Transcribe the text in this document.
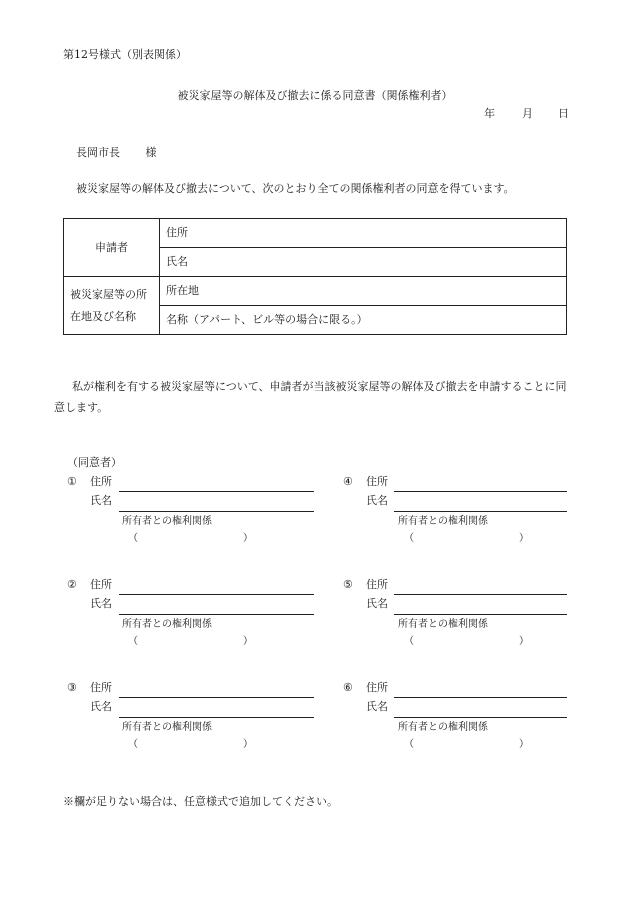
第12号様式（別表関係）
被災家屋等の解体及び撤去に係る同意書（関係権利者）
年 月 日
長岡市長 様
被災家屋等の解体及び撤去について、次のとおり全ての関係権利者の同意を得ています。
申請者	住所
	氏名

被災家屋等の所
在地及び名称	所在地
	名称（アパート、ビル等の場合に限る。）
私が権利を有する被災家屋等について、申請者が当該被災家屋等の解体及び撤去を申請することに同意します。
（同意者）
① 住所
氏名
所有者との権利関係
（	）
② 住所
氏名
所有者との権利関係
（	）
③ 住所
氏名
所有者との権利関係
（	）
④ 住所
氏名
所有者との権利関係
（	）
⑤ 住所
氏名
所有者との権利関係
（	）
⑥ 住所
氏名
所有者との権利関係
（	）
※欄が足りない場合は、任意様式で追加してください。
